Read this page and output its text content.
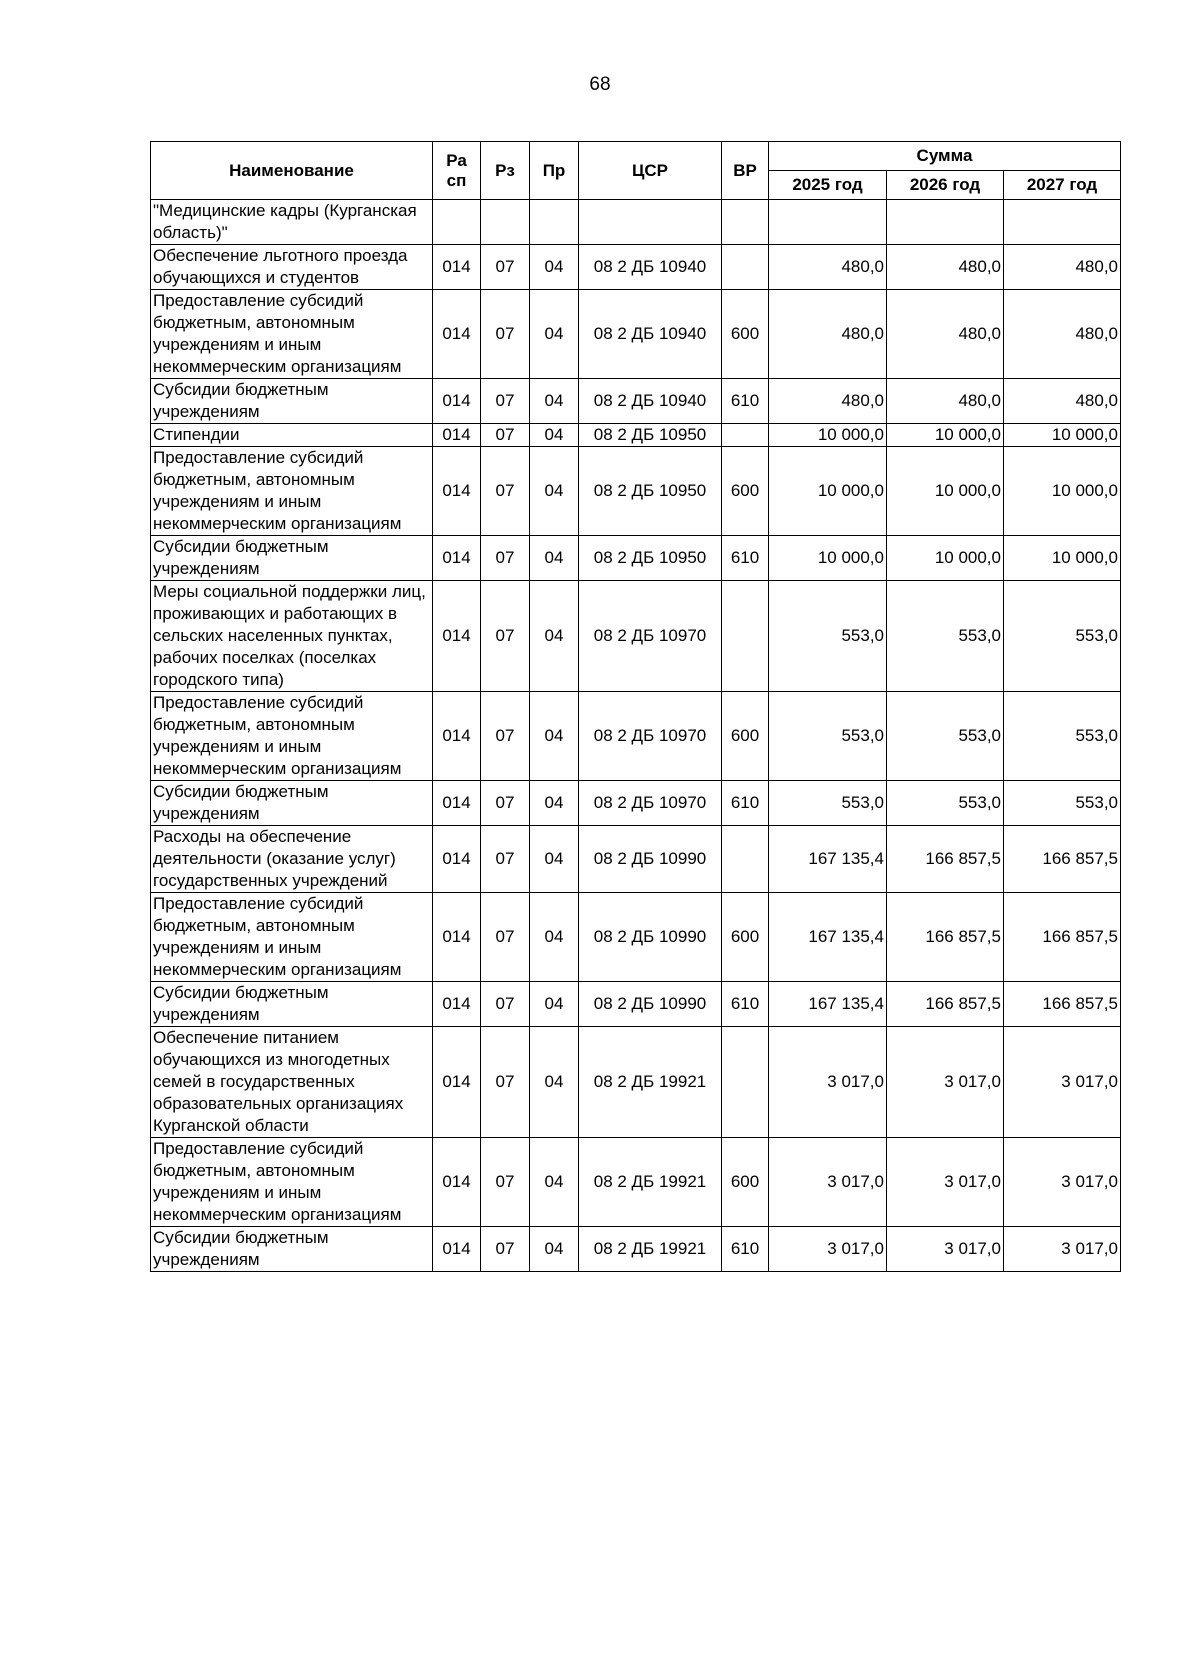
68
Наименование	Ра сп	Рз	Пр	ЦСР	ВР	Сумма		
						2025 год	2026 год	2027 год
"Медицинские кадры (Курганская область)"								
Обеспечение льготного проезда обучающихся и студентов	014	07	04	08 2 ДБ 10940		480,0	480,0	480,0
Предоставление субсидий бюджетным, автономным учреждениям и иным некоммерческим организациям	014	07	04	08 2 ДБ 10940	600	480,0	480,0	480,0
Субсидии бюджетным учреждениям	014	07	04	08 2 ДБ 10940	610	480,0	480,0	480,0
Стипендии	014	07	04	08 2 ДБ 10950		10 000,0	10 000,0	10 000,0
Предоставление субсидий бюджетным, автономным учреждениям и иным некоммерческим организациям	014	07	04	08 2 ДБ 10950	600	10 000,0	10 000,0	10 000,0
Субсидии бюджетным учреждениям	014	07	04	08 2 ДБ 10950	610	10 000,0	10 000,0	10 000,0
Меры социальной поддержки лиц, проживающих и работающих в сельских населенных пунктах, рабочих поселках (поселках городского типа)	014	07	04	08 2 ДБ 10970		553,0	553,0	553,0
Предоставление субсидий бюджетным, автономным учреждениям и иным некоммерческим организациям	014	07	04	08 2 ДБ 10970	600	553,0	553,0	553,0
Субсидии бюджетным учреждениям	014	07	04	08 2 ДБ 10970	610	553,0	553,0	553,0
Расходы на обеспечение деятельности (оказание услуг) государственных учреждений	014	07	04	08 2 ДБ 10990		167 135,4	166 857,5	166 857,5
Предоставление субсидий бюджетным, автономным учреждениям и иным некоммерческим организациям	014	07	04	08 2 ДБ 10990	600	167 135,4	166 857,5	166 857,5
Субсидии бюджетным учреждениям	014	07	04	08 2 ДБ 10990	610	167 135,4	166 857,5	166 857,5
Обеспечение питанием обучающихся из многодетных семей в государственных образовательных организациях Курганской области	014	07	04	08 2 ДБ 19921		3 017,0	3 017,0	3 017,0
Предоставление субсидий бюджетным, автономным учреждениям и иным некоммерческим организациям	014	07	04	08 2 ДБ 19921	600	3 017,0	3 017,0	3 017,0
Субсидии бюджетным учреждениям	014	07	04	08 2 ДБ 19921	610	3 017,0	3 017,0	3 017,0
